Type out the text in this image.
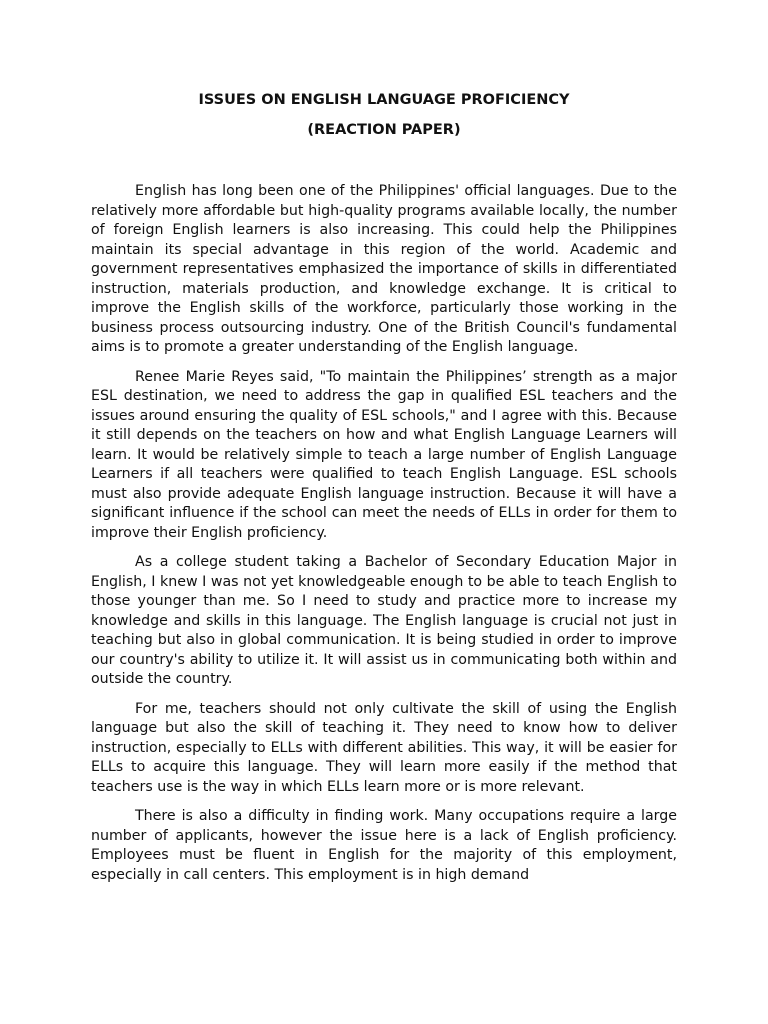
ISSUES ON ENGLISH LANGUAGE PROFICIENCY
(REACTION PAPER)

English has long been one of the Philippines' official languages. Due to the relatively more affordable but high-quality programs available locally, the number of foreign English learners is also increasing. This could help the Philippines maintain its special advantage in this region of the world. Academic and government representatives emphasized the importance of skills in differentiated instruction, materials production, and knowledge exchange. It is critical to improve the English skills of the workforce, particularly those working in the business process outsourcing industry. One of the British Council's fundamental aims is to promote a greater understanding of the English language.

Renee Marie Reyes said, "To maintain the Philippines’ strength as a major ESL destination, we need to address the gap in qualified ESL teachers and the issues around ensuring the quality of ESL schools," and I agree with this. Because it still depends on the teachers on how and what English Language Learners will learn. It would be relatively simple to teach a large number of English Language Learners if all teachers were qualified to teach English Language. ESL schools must also provide adequate English language instruction. Because it will have a significant influence if the school can meet the needs of ELLs in order for them to improve their English proficiency.

As a college student taking a Bachelor of Secondary Education Major in English, I knew I was not yet knowledgeable enough to be able to teach English to those younger than me. So I need to study and practice more to increase my knowledge and skills in this language. The English language is crucial not just in teaching but also in global communication. It is being studied in order to improve our country's ability to utilize it. It will assist us in communicating both within and outside the country.

For me, teachers should not only cultivate the skill of using the English language but also the skill of teaching it. They need to know how to deliver instruction, especially to ELLs with different abilities. This way, it will be easier for ELLs to acquire this language. They will learn more easily if the method that teachers use is the way in which ELLs learn more or is more relevant.

There is also a difficulty in finding work. Many occupations require a large number of applicants, however the issue here is a lack of English proficiency. Employees must be fluent in English for the majority of this employment, especially in call centers. This employment is in high demand
